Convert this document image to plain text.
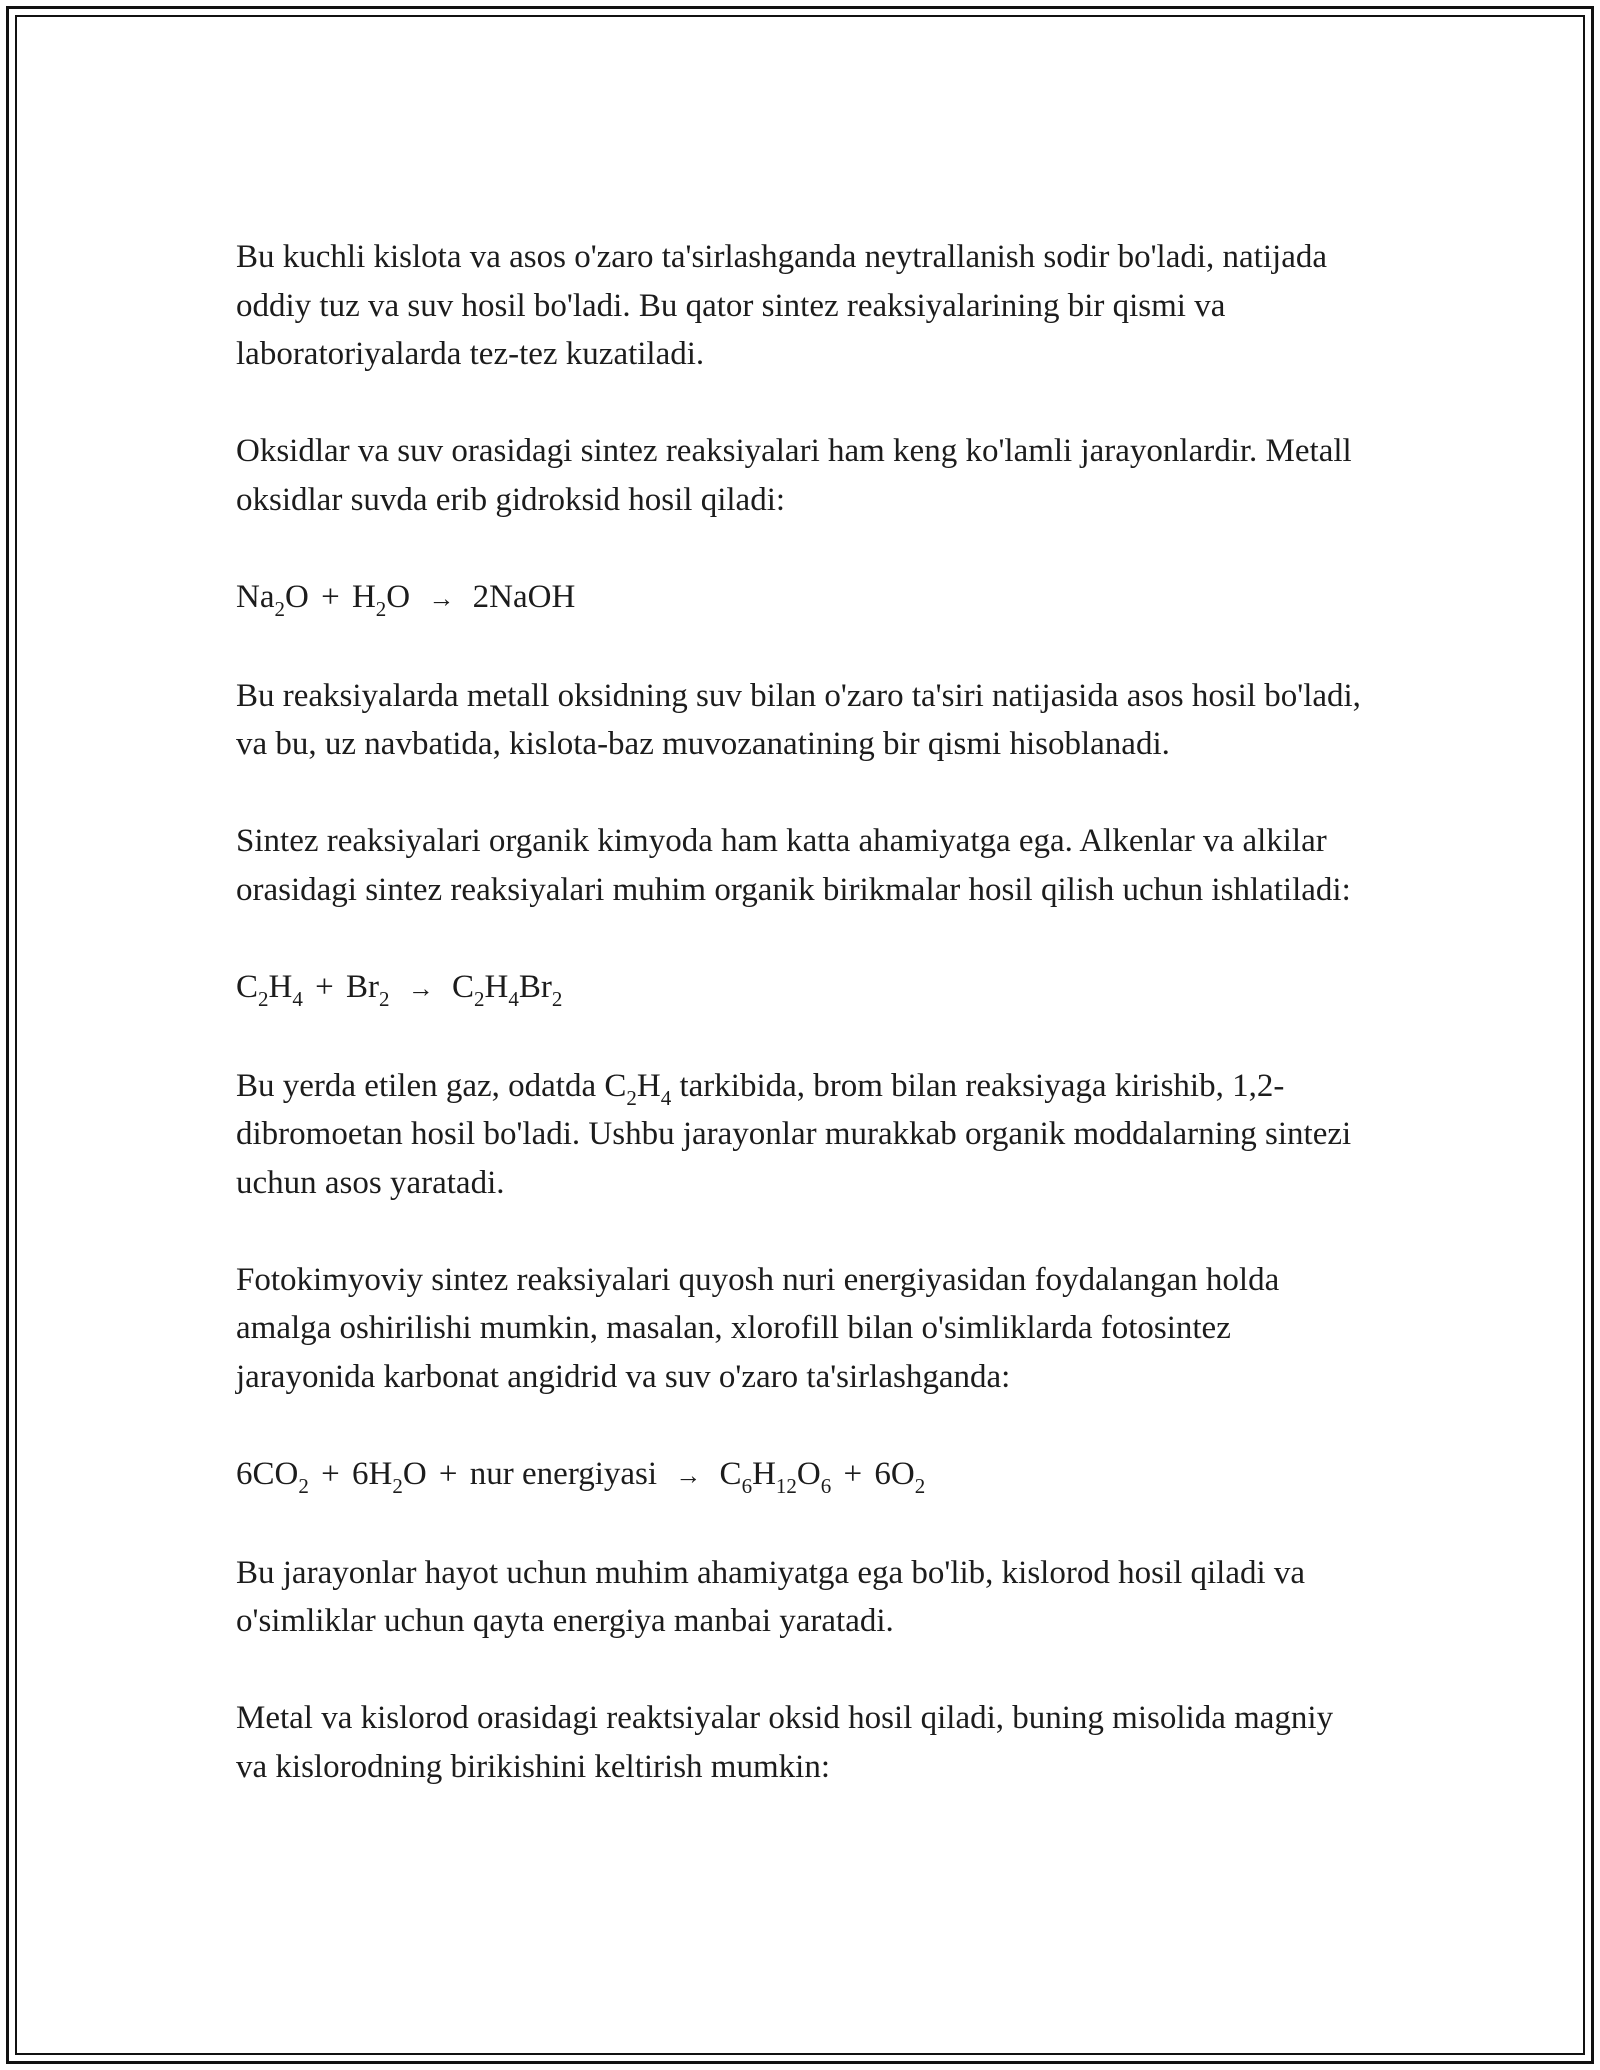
Bu kuchli kislota va asos o'zaro ta'sirlashganda neytrallanish sodir bo'ladi, natijada oddiy tuz va suv hosil bo'ladi. Bu qator sintez reaksiyalarining bir qismi va laboratoriyalarda tez-tez kuzatiladi.

Oksidlar va suv orasidagi sintez reaksiyalari ham keng ko'lamli jarayonlardir. Metall oksidlar suvda erib gidroksid hosil qiladi:

$Na_2O + H_2O$ → 2NaOH

Bu reaksiyalarda metall oksidning suv bilan o'zaro ta'siri natijasida asos hosil bo'ladi, va bu, uz navbatida, kislota-baz muvozanatining bir qismi hisoblanadi.

Sintez reaksiyalari organik kimyoda ham katta ahamiyatga ega. Alkenlar va alkilar orasidagi sintez reaksiyalari muhim organik birikmalar hosil qilish uchun ishlatiladi:

$C_2H_4 + Br_2 \to C_2H_4Br_2$

Bu yerda etilen gaz, odatda $C_2H_4$ tarkibida, brom bilan reaksiyaga kirishib, 1,2-dibromoetan hosil bo'ladi. Ushbu jarayonlar murakkab organik moddalarning sintezi uchun asos yaratadi.

Fotokimyoviy sintez reaksiyalari quyosh nuri energiyasidan foydalangan holda amalga oshirilishi mumkin, masalan, xlorofill bilan o'simliklarda fotosintez jarayonida karbonat angidrid va suv o'zaro ta'sirlashganda:

$6CO_2 + 6H_2O$ + nur energiyasi → $C_6H_{12}O_6 + 6O_2$

Bu jarayonlar hayot uchun muhim ahamiyatga ega bo'lib, kislorod hosil qiladi va o'simliklar uchun qayta energiya manbai yaratadi.

Metal va kislorod orasidagi reaktsiyalar oksid hosil qiladi, buning misolida magniy va kislorodning birikishini keltirish mumkin:
